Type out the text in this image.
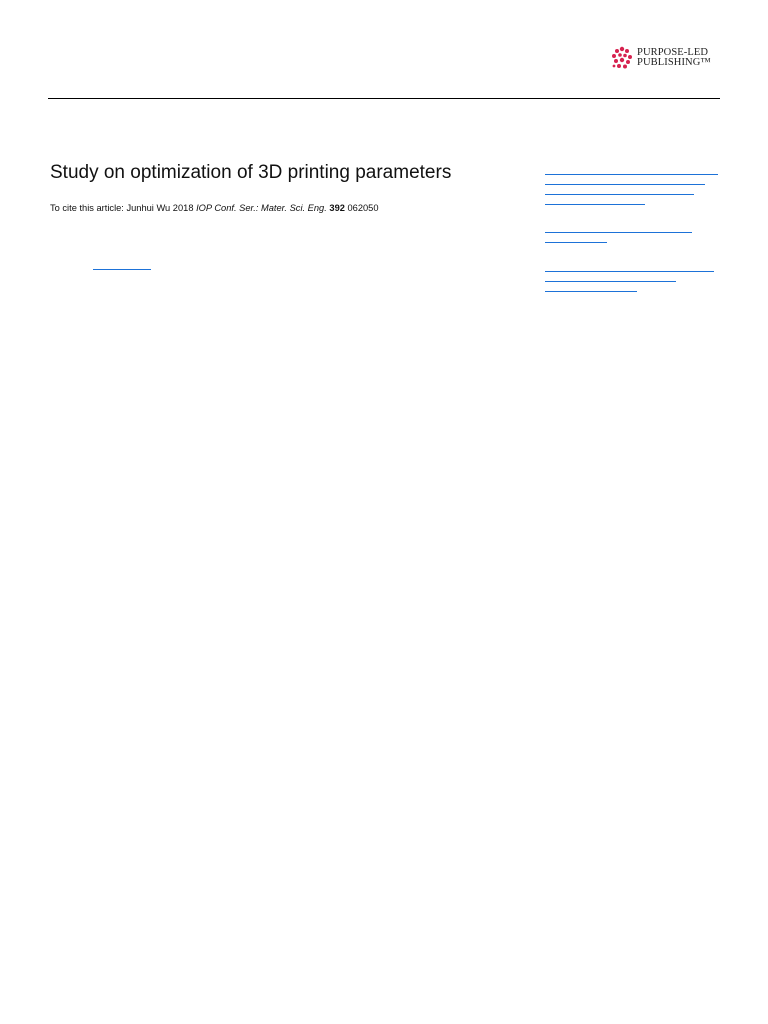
PURPOSE-LED
PUBLISHING™
Study on optimization of 3D printing parameters
To cite this article: Junhui Wu 2018 IOP Conf. Ser.: Mater. Sci. Eng. 392 062050
